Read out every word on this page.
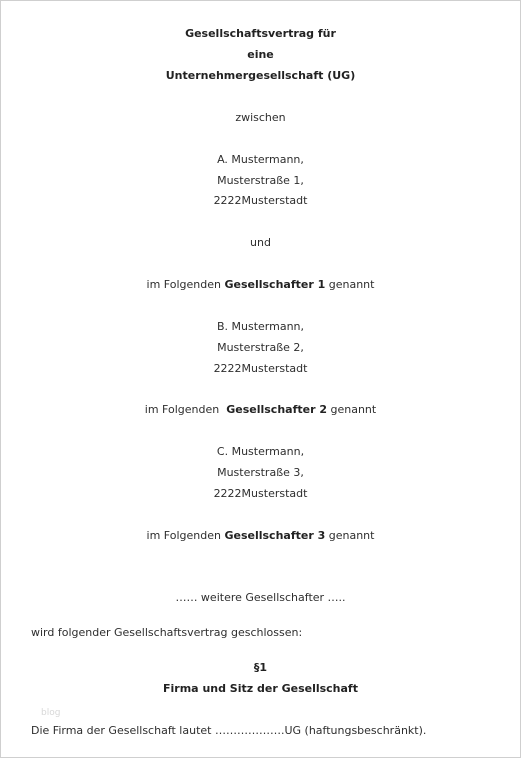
Gesellschaftsvertrag für
eine
Unternehmergesellschaft (UG)
zwischen
A. Mustermann,
Musterstraße 1,
2222Musterstadt
und
im Folgenden Gesellschafter 1 genannt
B. Mustermann,
Musterstraße 2,
2222Musterstadt
im Folgenden  Gesellschafter 2 genannt
C. Mustermann,
Musterstraße 3,
2222Musterstadt
im Folgenden Gesellschafter 3 genannt
…… weitere Gesellschafter …..
wird folgender Gesellschaftsvertrag geschlossen:
§1
Firma und Sitz der Gesellschaft
blog
Die Firma der Gesellschaft lautet ……………….UG (haftungsbeschränkt).
